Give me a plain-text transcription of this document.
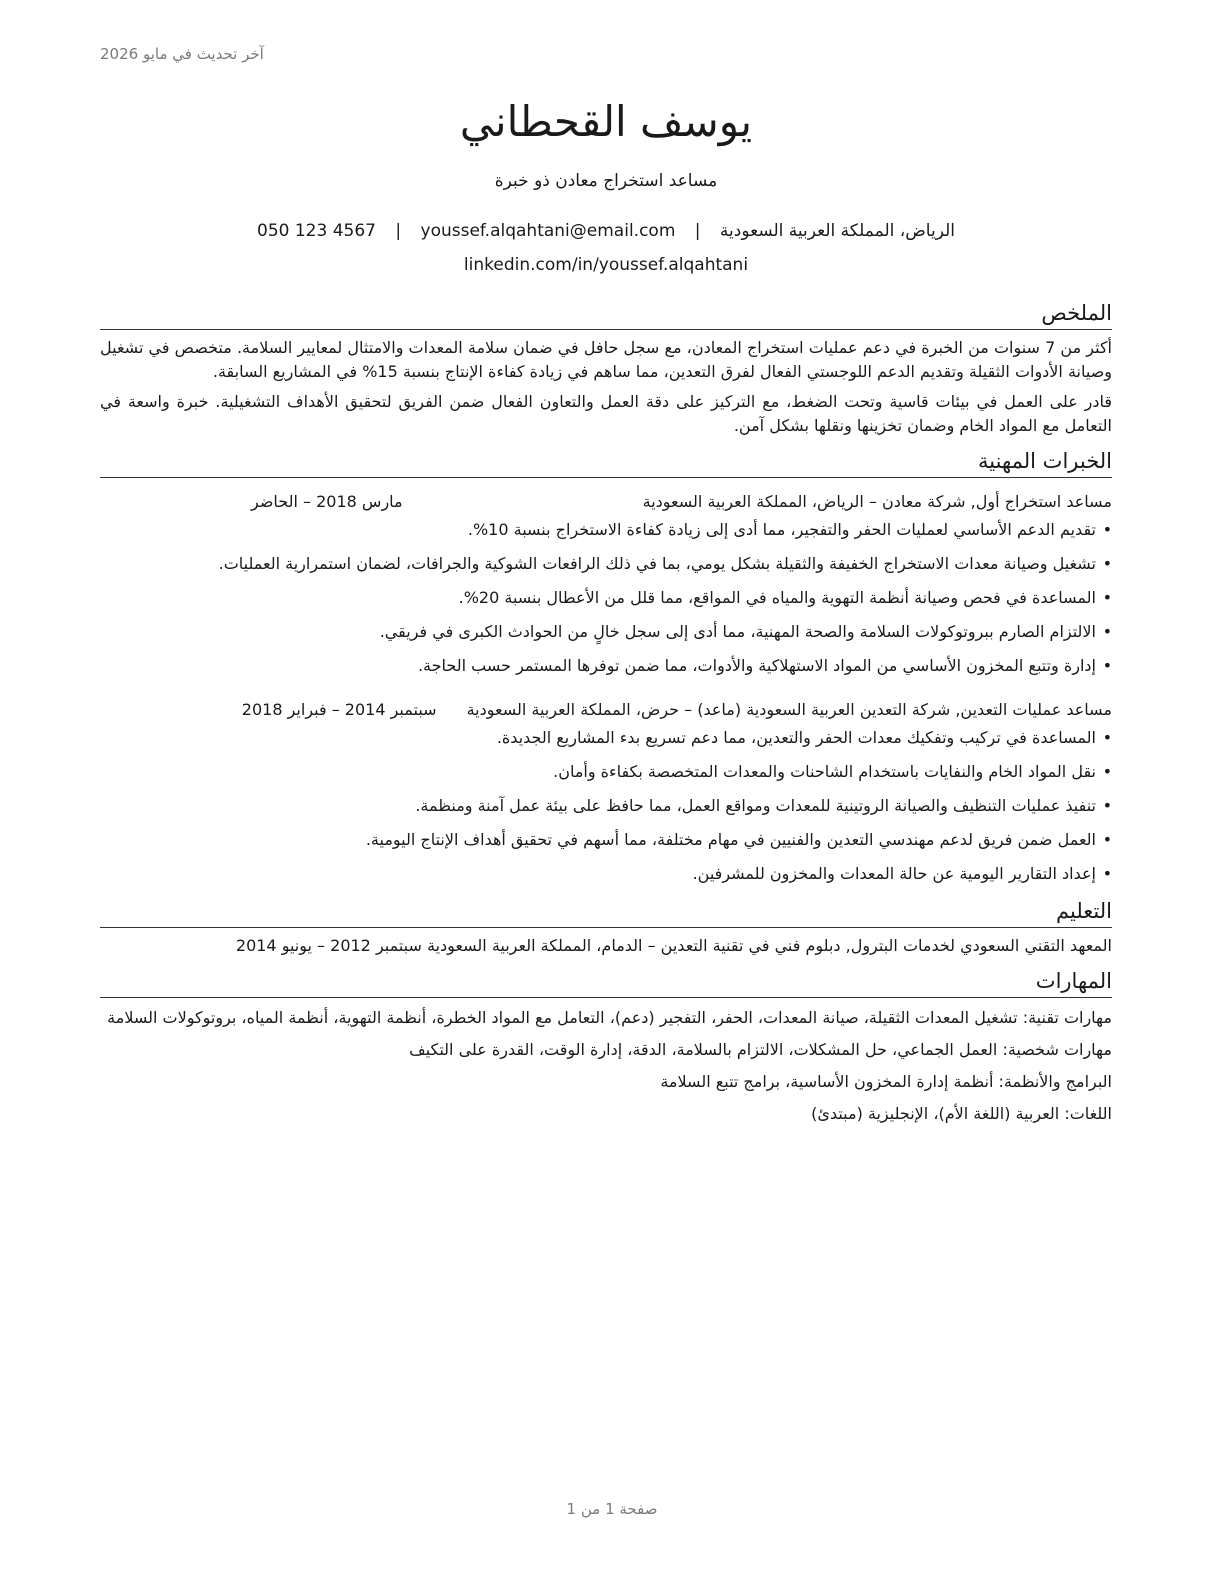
آخر تحديث في مايو 2026
يوسف القحطاني
مساعد استخراج معادن ذو خبرة
الرياض، المملكة العربية السعودية | youssef.alqahtani@email.com | 050 123 4567
linkedin.com/in/youssef.alqahtani
الملخص

أكثر من 7 سنوات من الخبرة في دعم عمليات استخراج المعادن، مع سجل حافل في ضمان سلامة المعدات والامتثال لمعايير السلامة. متخصص في تشغيل وصيانة الأدوات الثقيلة وتقديم الدعم اللوجستي الفعال لفرق التعدين، مما ساهم في زيادة كفاءة الإنتاج بنسبة 15% في المشاريع السابقة.

قادر على العمل في بيئات قاسية وتحت الضغط، مع التركيز على دقة العمل والتعاون الفعال ضمن الفريق لتحقيق الأهداف التشغيلية. خبرة واسعة في التعامل مع المواد الخام وضمان تخزينها ونقلها بشكل آمن.

الخبرات المهنية
مساعد استخراج أول, شركة معادن – الرياض، المملكة العربية السعودية
مارس 2018 – الحاضر
• تقديم الدعم الأساسي لعمليات الحفر والتفجير، مما أدى إلى زيادة كفاءة الاستخراج بنسبة 10%.
• تشغيل وصيانة معدات الاستخراج الخفيفة والثقيلة بشكل يومي، بما في ذلك الرافعات الشوكية والجرافات، لضمان استمرارية العمليات.
• المساعدة في فحص وصيانة أنظمة التهوية والمياه في المواقع، مما قلل من الأعطال بنسبة 20%.
• الالتزام الصارم ببروتوكولات السلامة والصحة المهنية، مما أدى إلى سجل خالٍ من الحوادث الكبرى في فريقي.
• إدارة وتتبع المخزون الأساسي من المواد الاستهلاكية والأدوات، مما ضمن توفرها المستمر حسب الحاجة.
مساعد عمليات التعدين, شركة التعدين العربية السعودية (ماعد) – حرض، المملكة العربية السعودية
سبتمبر 2014 – فبراير 2018
• المساعدة في تركيب وتفكيك معدات الحفر والتعدين، مما دعم تسريع بدء المشاريع الجديدة.
• نقل المواد الخام والنفايات باستخدام الشاحنات والمعدات المتخصصة بكفاءة وأمان.
• تنفيذ عمليات التنظيف والصيانة الروتينية للمعدات ومواقع العمل، مما حافظ على بيئة عمل آمنة ومنظمة.
• العمل ضمن فريق لدعم مهندسي التعدين والفنيين في مهام مختلفة، مما أسهم في تحقيق أهداف الإنتاج اليومية.
• إعداد التقارير اليومية عن حالة المعدات والمخزون للمشرفين.
التعليم

المعهد التقني السعودي لخدمات البترول, دبلوم فني في تقنية التعدين – الدمام، المملكة العربية السعودية سبتمبر 2012 – يونيو 2014

المهارات

مهارات تقنية: تشغيل المعدات الثقيلة، صيانة المعدات، الحفر، التفجير (دعم)، التعامل مع المواد الخطرة، أنظمة التهوية، أنظمة المياه، بروتوكولات السلامة

مهارات شخصية: العمل الجماعي، حل المشكلات، الالتزام بالسلامة، الدقة، إدارة الوقت، القدرة على التكيف

البرامج والأنظمة: أنظمة إدارة المخزون الأساسية، برامج تتبع السلامة

اللغات: العربية (اللغة الأم)، الإنجليزية (مبتدئ)

صفحة 1 من 1
